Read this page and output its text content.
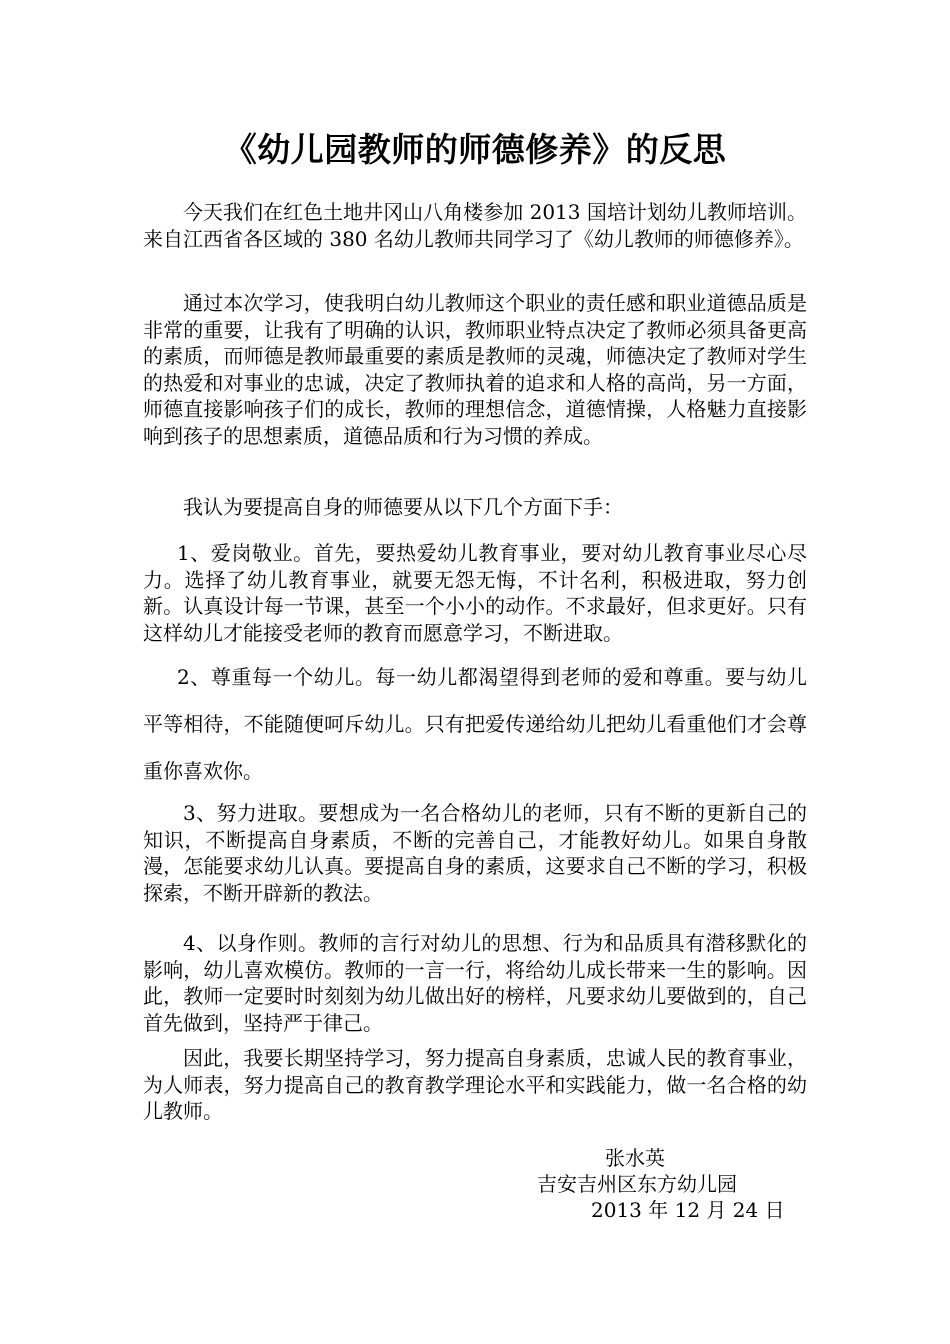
《幼儿园教师的师德修养》的反思

今天我们在红色土地井冈山八角楼参加 2013 国培计划幼儿教师培训。来自江西省各区域的 380 名幼儿教师共同学习了《幼儿教师的师德修养》。

通过本次学习，使我明白幼儿教师这个职业的责任感和职业道德品质是非常的重要，让我有了明确的认识，教师职业特点决定了教师必须具备更高的素质，而师德是教师最重要的素质是教师的灵魂，师德决定了教师对学生的热爱和对事业的忠诚，决定了教师执着的追求和人格的高尚，另一方面，师德直接影响孩子们的成长，教师的理想信念，道德情操，人格魅力直接影响到孩子的思想素质，道德品质和行为习惯的养成。

我认为要提高自身的师德要从以下几个方面下手：

1、爱岗敬业。首先，要热爱幼儿教育事业，要对幼儿教育事业尽心尽力。选择了幼儿教育事业，就要无怨无悔，不计名利，积极进取，努力创新。认真设计每一节课，甚至一个小小的动作。不求最好，但求更好。只有这样幼儿才能接受老师的教育而愿意学习，不断进取。

2、尊重每一个幼儿。每一幼儿都渴望得到老师的爱和尊重。要与幼儿平等相待，不能随便呵斥幼儿。只有把爱传递给幼儿把幼儿看重他们才会尊重你喜欢你。

3、努力进取。要想成为一名合格幼儿的老师，只有不断的更新自己的知识，不断提高自身素质，不断的完善自己，才能教好幼儿。如果自身散漫，怎能要求幼儿认真。要提高自身的素质，这要求自己不断的学习，积极探索，不断开辟新的教法。

4、以身作则。教师的言行对幼儿的思想、行为和品质具有潜移默化的影响，幼儿喜欢模仿。教师的一言一行，将给幼儿成长带来一生的影响。因此，教师一定要时时刻刻为幼儿做出好的榜样，凡要求幼儿要做到的，自己首先做到，坚持严于律己。

因此，我要长期坚持学习，努力提高自身素质，忠诚人民的教育事业，为人师表，努力提高自己的教育教学理论水平和实践能力，做一名合格的幼儿教师。

张水英
吉安吉州区东方幼儿园
2013 年 12 月 24 日
